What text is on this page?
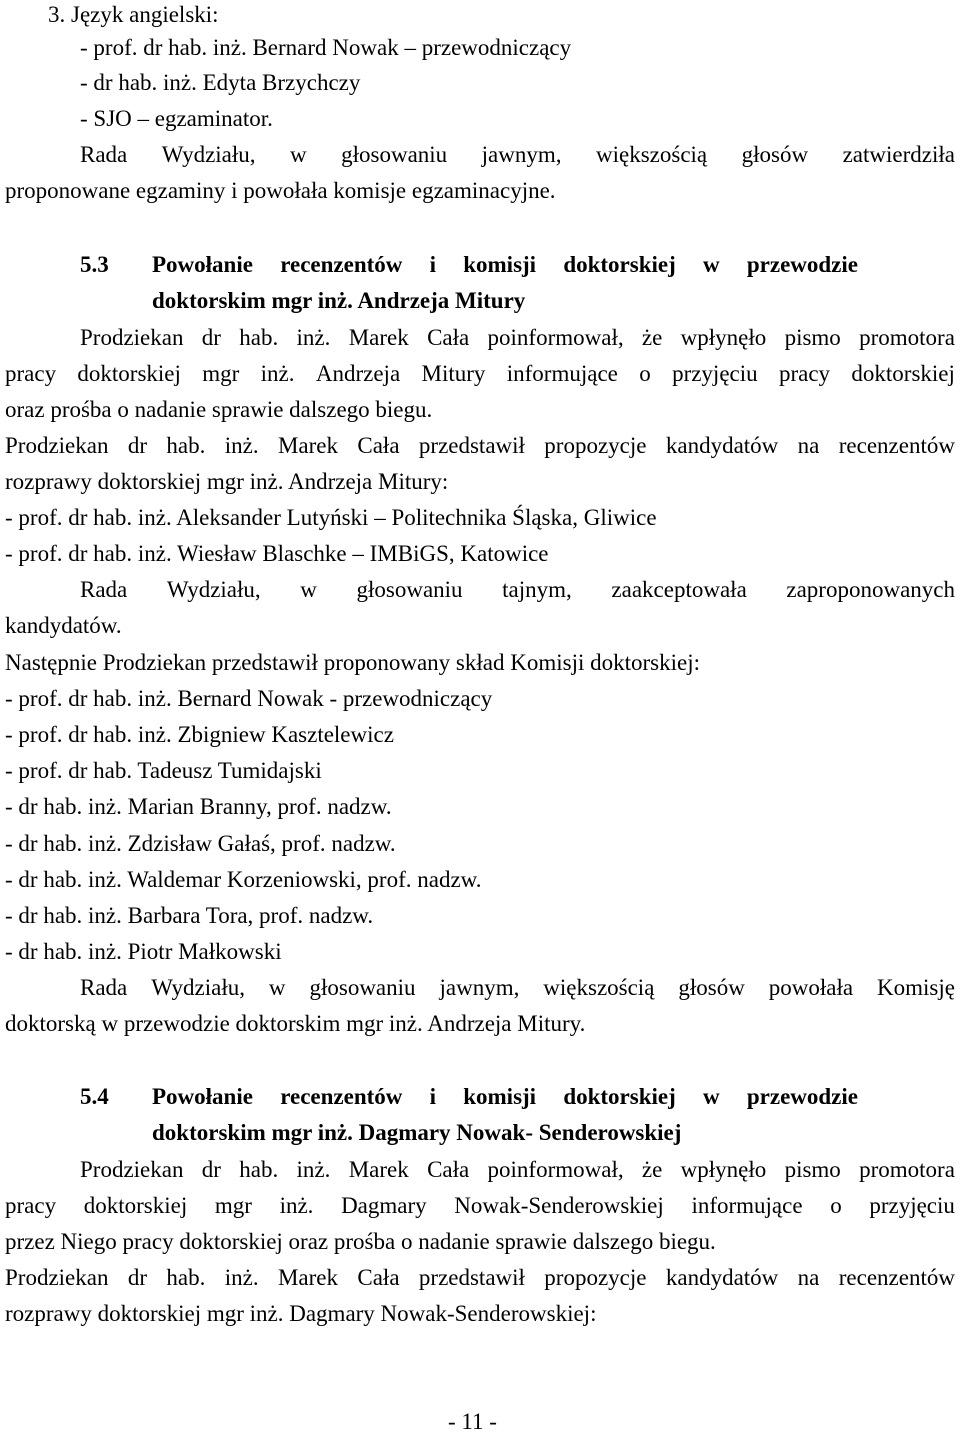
3. Język angielski:
- prof. dr hab. inż. Bernard Nowak – przewodniczący
- dr hab. inż. Edyta Brzychczy
- SJO – egzaminator.
Rada Wydziału, w głosowaniu jawnym, większością głosów zatwierdziła
proponowane egzaminy i powołała komisje egzaminacyjne.
5.3 Powołanie recenzentów i komisji doktorskiej w przewodzie
doktorskim mgr inż. Andrzeja Mitury
Prodziekan dr hab. inż. Marek Cała poinformował, że wpłynęło pismo promotora
pracy doktorskiej mgr inż. Andrzeja Mitury informujące o przyjęciu pracy doktorskiej
oraz prośba o nadanie sprawie dalszego biegu.
Prodziekan dr hab. inż. Marek Cała przedstawił propozycje kandydatów na recenzentów
rozprawy doktorskiej mgr inż. Andrzeja Mitury:
- prof. dr hab. inż. Aleksander Lutyński – Politechnika Śląska, Gliwice
- prof. dr hab. inż. Wiesław Blaschke – IMBiGS, Katowice
Rada Wydziału, w głosowaniu tajnym, zaakceptowała zaproponowanych
kandydatów.
Następnie Prodziekan przedstawił proponowany skład Komisji doktorskiej:
- prof. dr hab. inż. Bernard Nowak - przewodniczący
- prof. dr hab. inż. Zbigniew Kasztelewicz
- prof. dr hab. Tadeusz Tumidajski
- dr hab. inż. Marian Branny, prof. nadzw.
- dr hab. inż. Zdzisław Gałaś, prof. nadzw.
- dr hab. inż. Waldemar Korzeniowski, prof. nadzw.
- dr hab. inż. Barbara Tora, prof. nadzw.
- dr hab. inż. Piotr Małkowski
Rada Wydziału, w głosowaniu jawnym, większością głosów powołała Komisję
doktorską w przewodzie doktorskim mgr inż. Andrzeja Mitury.
5.4 Powołanie recenzentów i komisji doktorskiej w przewodzie
doktorskim mgr inż. Dagmary Nowak- Senderowskiej
Prodziekan dr hab. inż. Marek Cała poinformował, że wpłynęło pismo promotora
pracy doktorskiej mgr inż. Dagmary Nowak-Senderowskiej informujące o przyjęciu
przez Niego pracy doktorskiej oraz prośba o nadanie sprawie dalszego biegu.
Prodziekan dr hab. inż. Marek Cała przedstawił propozycje kandydatów na recenzentów
rozprawy doktorskiej mgr inż. Dagmary Nowak-Senderowskiej:
- 11 -
